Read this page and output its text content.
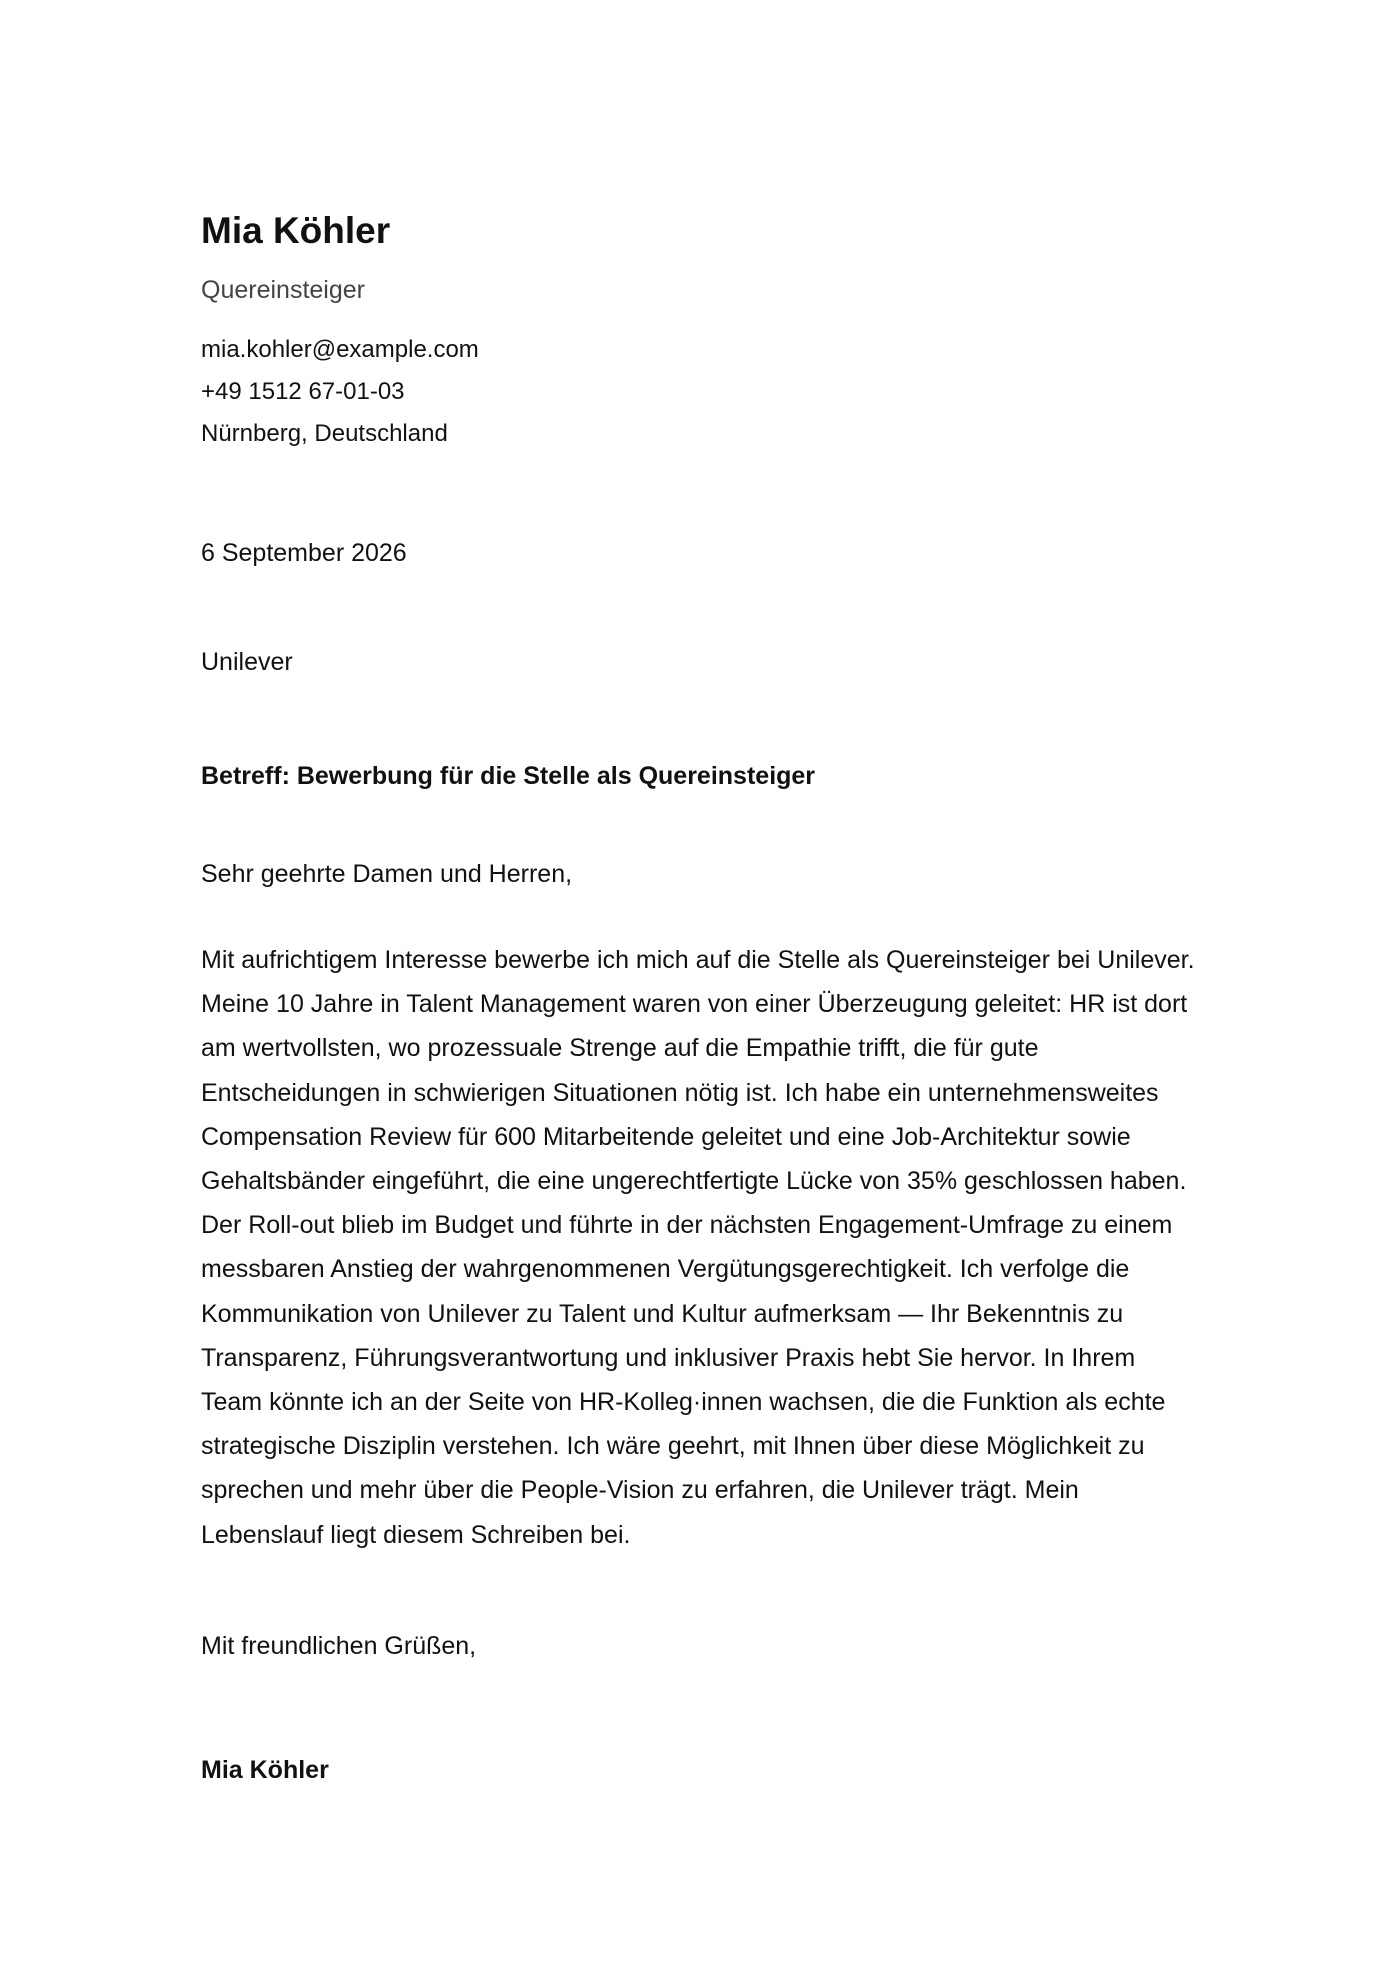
Mia Köhler
Quereinsteiger
mia.kohler@example.com
+49 1512 67-01-03
Nürnberg, Deutschland
6 September 2026
Unilever
Betreff: Bewerbung für die Stelle als Quereinsteiger
Sehr geehrte Damen und Herren,

Mit aufrichtigem Interesse bewerbe ich mich auf die Stelle als Quereinsteiger bei Unilever. Meine 10 Jahre in Talent Management waren von einer Überzeugung geleitet: HR ist dort am wertvollsten, wo prozessuale Strenge auf die Empathie trifft, die für gute Entscheidungen in schwierigen Situationen nötig ist. Ich habe ein unternehmensweites Compensation Review für 600 Mitarbeitende geleitet und eine Job-Architektur sowie Gehaltsbänder eingeführt, die eine ungerechtfertigte Lücke von 35% geschlossen haben. Der Roll-out blieb im Budget und führte in der nächsten Engagement-Umfrage zu einem messbaren Anstieg der wahrgenommenen Vergütungsgerechtigkeit. Ich verfolge die Kommunikation von Unilever zu Talent und Kultur aufmerksam — Ihr Bekenntnis zu Transparenz, Führungsverantwortung und inklusiver Praxis hebt Sie hervor. In Ihrem Team könnte ich an der Seite von HR-Kolleg·innen wachsen, die die Funktion als echte strategische Disziplin verstehen. Ich wäre geehrt, mit Ihnen über diese Möglichkeit zu sprechen und mehr über die People-Vision zu erfahren, die Unilever trägt. Mein Lebenslauf liegt diesem Schreiben bei.

Mit freundlichen Grüßen,
Mia Köhler
